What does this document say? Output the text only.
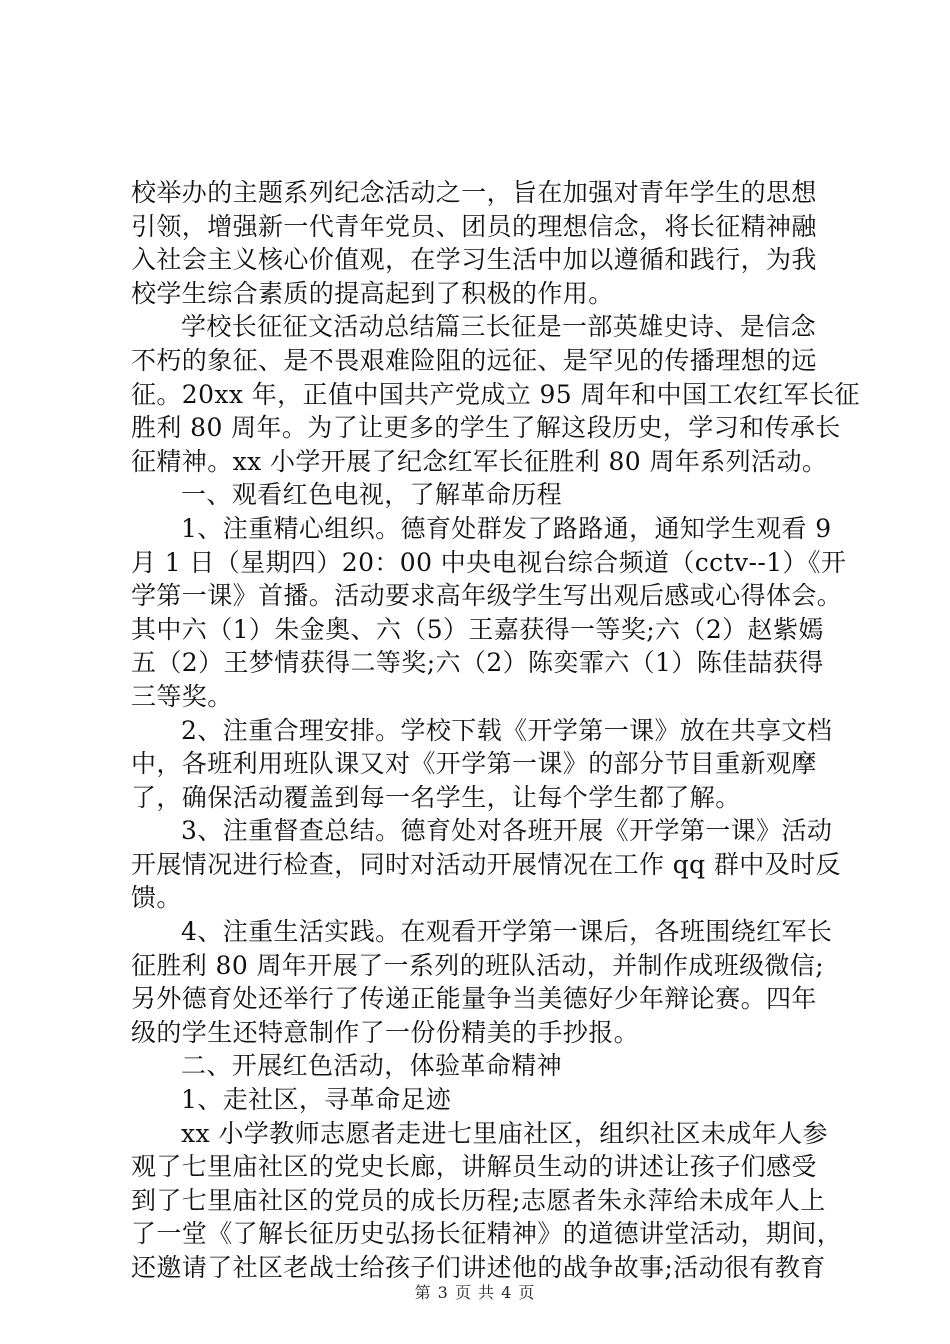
校举办的主题系列纪念活动之一，旨在加强对青年学生的思想
引领，增强新一代青年党员、团员的理想信念，将长征精神融
入社会主义核心价值观，在学习生活中加以遵循和践行，为我
校学生综合素质的提高起到了积极的作用。
学校长征征文活动总结篇三长征是一部英雄史诗、是信念
不朽的象征、是不畏艰难险阻的远征、是罕见的传播理想的远
征。20xx 年，正值中国共产党成立 95 周年和中国工农红军长征
胜利 80 周年。为了让更多的学生了解这段历史，学习和传承长
征精神。xx 小学开展了纪念红军长征胜利 80 周年系列活动。
一、观看红色电视，了解革命历程
1、注重精心组织。德育处群发了路路通，通知学生观看 9
月 1 日（星期四）20：00 中央电视台综合频道（cctv--1）《开
学第一课》首播。活动要求高年级学生写出观后感或心得体会。
其中六（1）朱金奥、六（5）王嘉获得一等奖;六（2）赵紫嫣
五（2）王梦情获得二等奖;六（2）陈奕霏六（1）陈佳喆获得
三等奖。
2、注重合理安排。学校下载《开学第一课》放在共享文档
中，各班利用班队课又对《开学第一课》的部分节目重新观摩
了，确保活动覆盖到每一名学生，让每个学生都了解。
3、注重督查总结。德育处对各班开展《开学第一课》活动
开展情况进行检查，同时对活动开展情况在工作 qq 群中及时反
馈。
4、注重生活实践。在观看开学第一课后，各班围绕红军长
征胜利 80 周年开展了一系列的班队活动，并制作成班级微信;
另外德育处还举行了传递正能量争当美德好少年辩论赛。四年
级的学生还特意制作了一份份精美的手抄报。
二、开展红色活动，体验革命精神
1、走社区，寻革命足迹
xx 小学教师志愿者走进七里庙社区，组织社区未成年人参
观了七里庙社区的党史长廊，讲解员生动的讲述让孩子们感受
到了七里庙社区的党员的成长历程;志愿者朱永萍给未成年人上
了一堂《了解长征历史弘扬长征精神》的道德讲堂活动，期间，
还邀请了社区老战士给孩子们讲述他的战争故事;活动很有教育
第 3 页 共 4 页
